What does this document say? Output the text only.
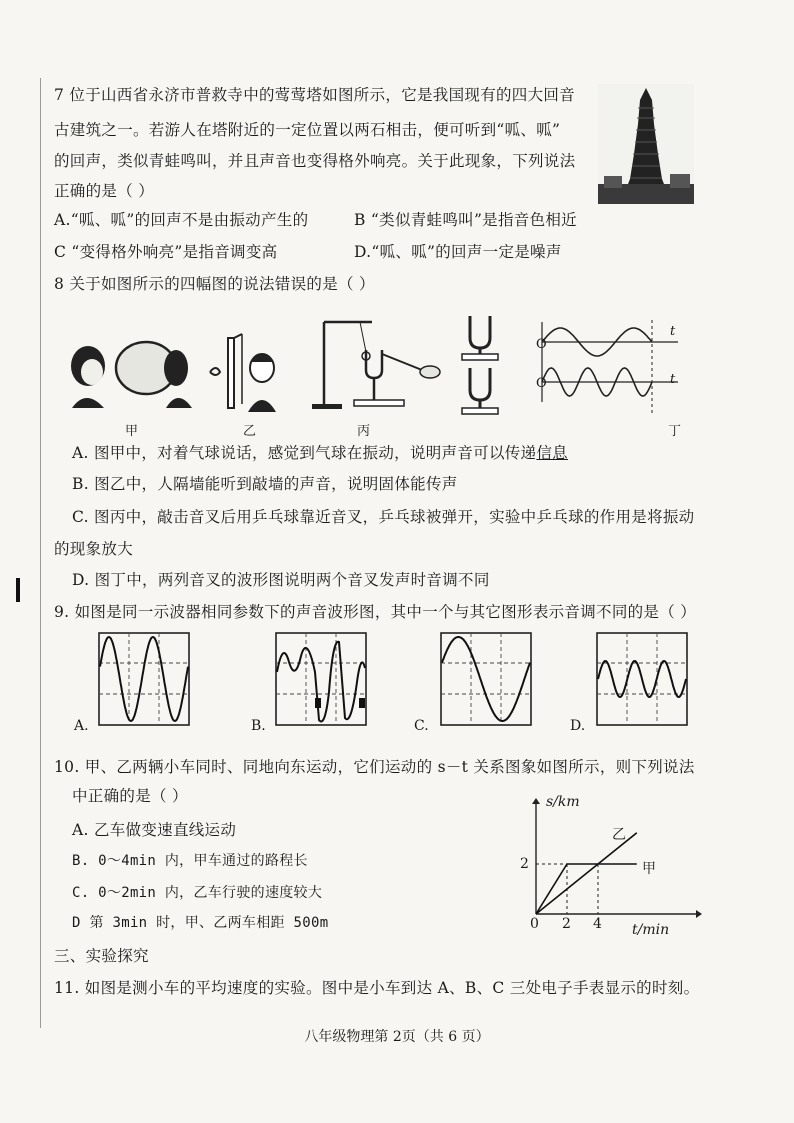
7 位于山西省永济市普救寺中的莺莺塔如图所示，它是我国现有的四大回音
古建筑之一。若游人在塔附近的一定位置以两石相击，便可听到“呱、呱”
的回声，类似青蛙鸣叫，并且声音也变得格外响亮。关于此现象，下列说法
正确的是（ ）
A.“呱、呱”的回声不是由振动产生的	B “类似青蛙鸣叫”是指音色相近
C “变得格外响亮”是指音调变高	D.“呱、呱”的回声一定是噪声
8 关于如图所示的四幅图的说法错误的是（ ）
O
t
O	t
甲	乙	丙	丁
A. 图甲中，对着气球说话，感觉到气球在振动，说明声音可以传递信息
B. 图乙中，人隔墙能听到敲墙的声音，说明固体能传声
C. 图丙中，敲击音叉后用乒乓球靠近音叉，乒乓球被弹开，实验中乒乓球的作用是将振动
的现象放大
D. 图丁中，两列音叉的波形图说明两个音叉发声时音调不同
9. 如图是同一示波器相同参数下的声音波形图，其中一个与其它图形表示音调不同的是（ ）
A.	B.	C.	D.
10. 甲、乙两辆小车同时、同地向东运动，它们运动的 s－t 关系图象如图所示，则下列说法
中正确的是（ ）
A. 乙车做变速直线运动
B. 0～4min 内，甲车通过的路程长
C. 0～2min 内，乙车行驶的速度较大
D 第 3min 时，甲、乙两车相距 500m
s/km
t/min
2
0 2 4
甲
乙
三、实验探究
11. 如图是测小车的平均速度的实验。图中是小车到达 A、B、C 三处电子手表显示的时刻。
八年级物理第 2页（共 6 页）
